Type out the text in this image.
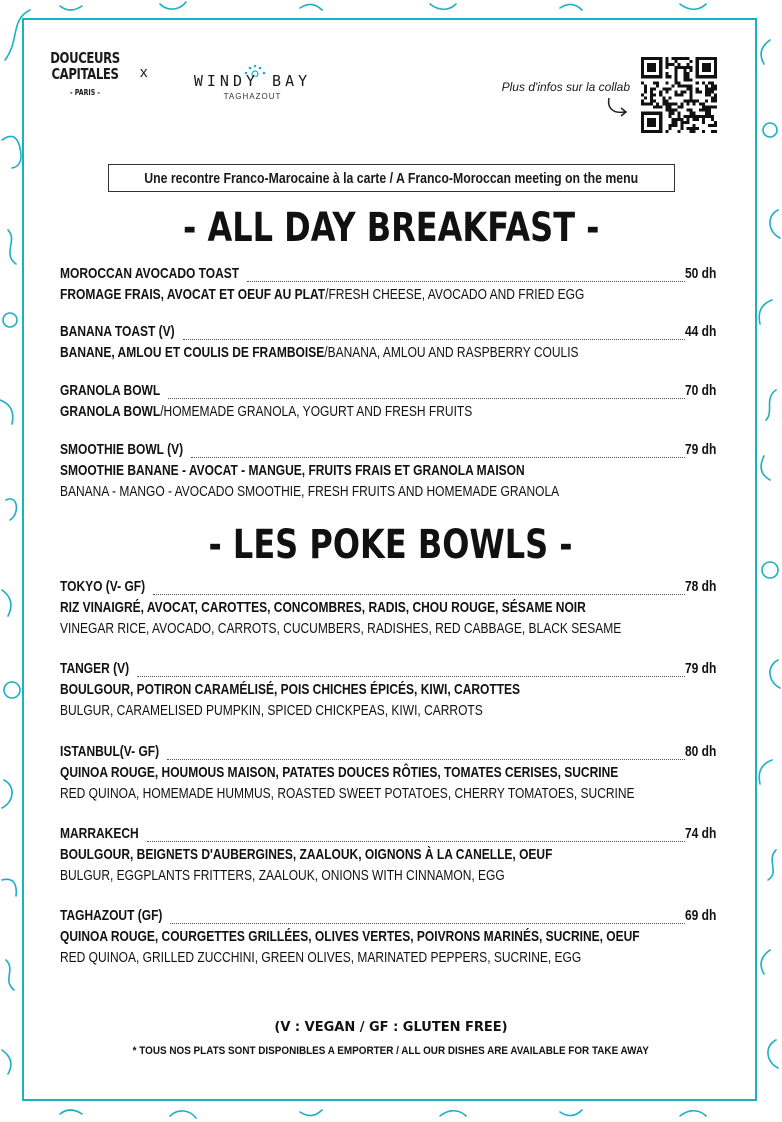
DOUCEURS
CAPITALES
- PARIS -
x	WINDY BAY
TAGHAZOUT
Plus d'infos sur la collab
Une recontre Franco-Marocaine à la carte / A Franco-Moroccan meeting on the menu
- ALL DAY BREAKFAST -
MOROCCAN AVOCADO TOAST	50 dh
FROMAGE FRAIS, AVOCAT ET OEUF AU PLAT/FRESH CHEESE, AVOCADO AND FRIED EGG
BANANA TOAST (V)	44 dh
BANANE, AMLOU ET COULIS DE FRAMBOISE/BANANA, AMLOU AND RASPBERRY COULIS
GRANOLA BOWL	70 dh
GRANOLA BOWL/HOMEMADE GRANOLA, YOGURT AND FRESH FRUITS
SMOOTHIE BOWL (V)	79 dh
SMOOTHIE BANANE - AVOCAT - MANGUE, FRUITS FRAIS ET GRANOLA MAISON
BANANA - MANGO - AVOCADO SMOOTHIE, FRESH FRUITS AND HOMEMADE GRANOLA
- LES POKE BOWLS -
TOKYO (V- GF)	78 dh
RIZ VINAIGRÉ, AVOCAT, CAROTTES, CONCOMBRES, RADIS, CHOU ROUGE, SÉSAME NOIR
VINEGAR RICE, AVOCADO, CARROTS, CUCUMBERS, RADISHES, RED CABBAGE, BLACK SESAME
TANGER (V)	79 dh
BOULGOUR, POTIRON CARAMÉLISÉ, POIS CHICHES ÉPICÉS, KIWI, CAROTTES
BULGUR, CARAMELISED PUMPKIN, SPICED CHICKPEAS, KIWI, CARROTS
ISTANBUL(V- GF)	80 dh
QUINOA ROUGE, HOUMOUS MAISON, PATATES DOUCES RÔTIES, TOMATES CERISES, SUCRINE
RED QUINOA, HOMEMADE HUMMUS, ROASTED SWEET POTATOES, CHERRY TOMATOES, SUCRINE
MARRAKECH	74 dh
BOULGOUR, BEIGNETS D'AUBERGINES, ZAALOUK, OIGNONS À LA CANELLE, OEUF
BULGUR, EGGPLANTS FRITTERS, ZAALOUK, ONIONS WITH CINNAMON, EGG
TAGHAZOUT (GF)	69 dh
QUINOA ROUGE, COURGETTES GRILLÉES, OLIVES VERTES, POIVRONS MARINÉS, SUCRINE, OEUF
RED QUINOA, GRILLED ZUCCHINI, GREEN OLIVES, MARINATED PEPPERS, SUCRINE, EGG
(V : VEGAN / GF : GLUTEN FREE)
* TOUS NOS PLATS SONT DISPONIBLES A EMPORTER / ALL OUR DISHES ARE AVAILABLE FOR TAKE AWAY
